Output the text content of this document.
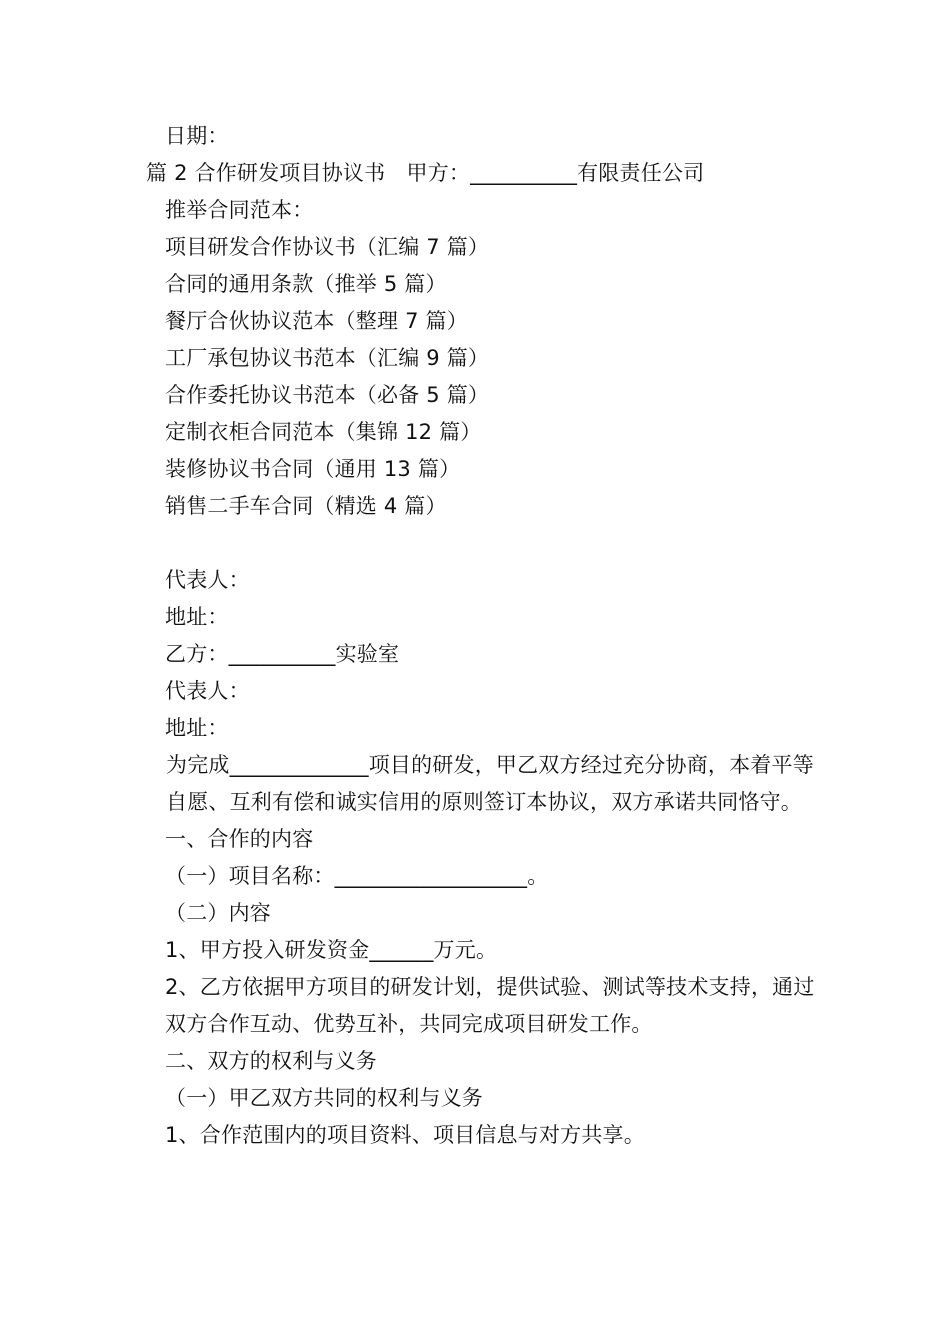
日期：

篇 2 合作研发项目协议书　甲方：__________有限责任公司

推举合同范本：

项目研发合作协议书（汇编 7 篇）

合同的通用条款（推举 5 篇）

餐厅合伙协议范本（整理 7 篇）

工厂承包协议书范本（汇编 9 篇）

合作委托协议书范本（必备 5 篇）

定制衣柜合同范本（集锦 12 篇）

装修协议书合同（通用 13 篇）

销售二手车合同（精选 4 篇）

代表人：

地址：

乙方：__________实验室

代表人：

地址：

为完成_____________项目的研发，甲乙双方经过充分协商，本着平等自愿、互利有偿和诚实信用的原则签订本协议，双方承诺共同恪守。

一、合作的内容

（一）项目名称：__________________。

（二）内容

1、甲方投入研发资金______万元。

2、乙方依据甲方项目的研发计划，提供试验、测试等技术支持，通过双方合作互动、优势互补，共同完成项目研发工作。

二、双方的权利与义务

（一）甲乙双方共同的权利与义务

1、合作范围内的项目资料、项目信息与对方共享。
